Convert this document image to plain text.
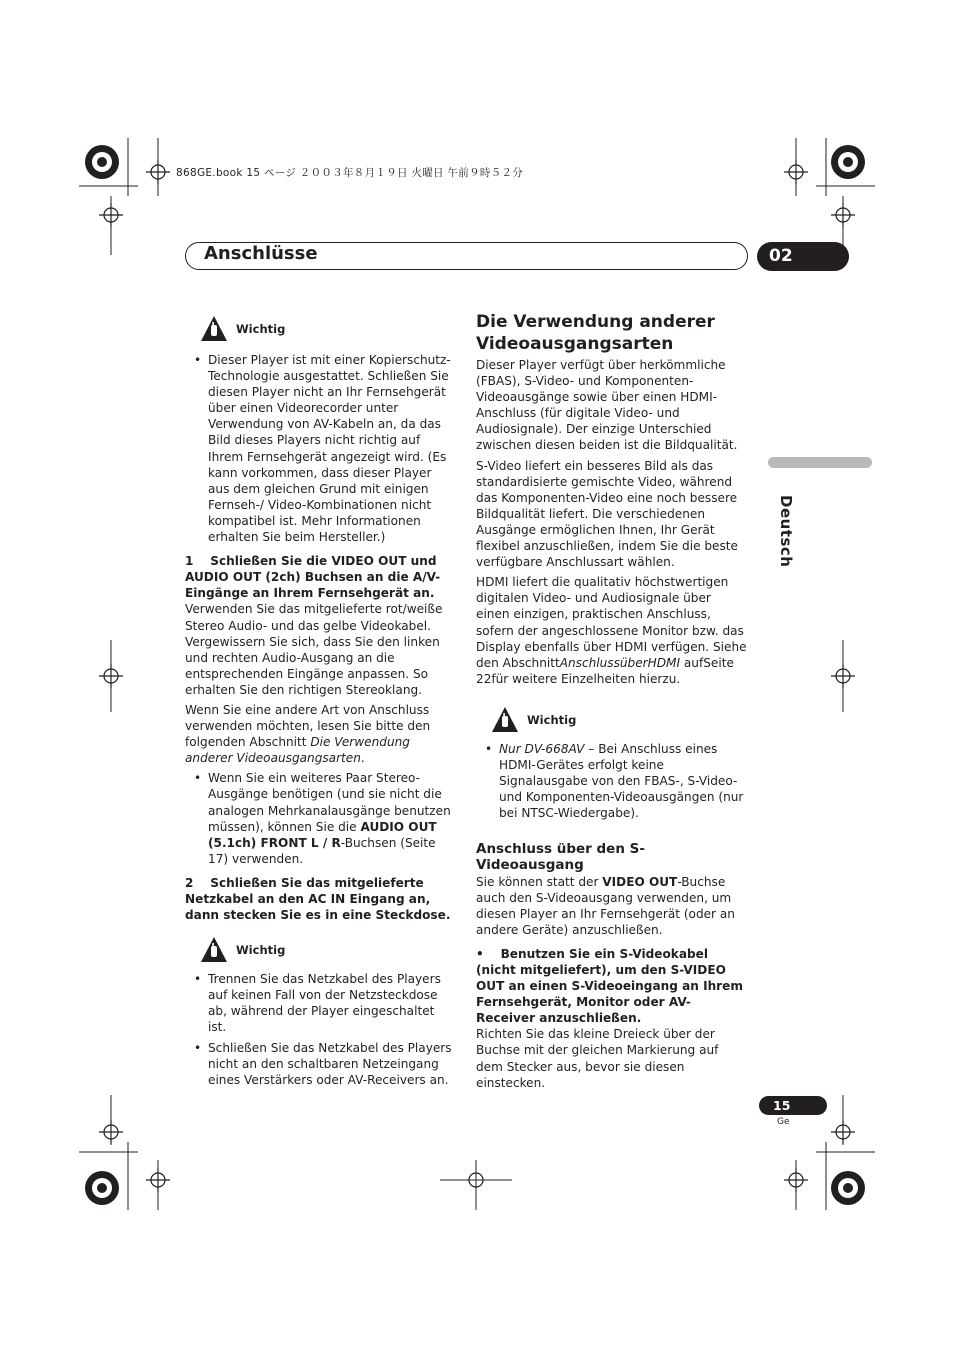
868GE.book 15 ページ ２００３年８月１９日 火曜日 午前９時５２分
Anschlüsse	02
Deutsch
Wichtig
• Dieser Player ist mit einer Kopierschutz-Technologie ausgestattet. Schließen Sie diesen Player nicht an Ihr Fernsehgerät über einen Videorecorder unter Verwendung von AV-Kabeln an, da das Bild dieses Players nicht richtig auf Ihrem Fernsehgerät angezeigt wird. (Es kann vorkommen, dass dieser Player aus dem gleichen Grund mit einigen Fernseh-/ Video-Kombinationen nicht kompatibel ist. Mehr Informationen erhalten Sie beim Hersteller.)

1 Schließen Sie die VIDEO OUT und AUDIO OUT (2ch) Buchsen an die A/V-Eingänge an Ihrem Fernsehgerät an.

Verwenden Sie das mitgelieferte rot/weiße Stereo Audio- und das gelbe Videokabel. Vergewissern Sie sich, dass Sie den linken und rechten Audio-Ausgang an die entsprechenden Eingänge anpassen. So erhalten Sie den richtigen Stereoklang.

Wenn Sie eine andere Art von Anschluss verwenden möchten, lesen Sie bitte den folgenden Abschnitt Die Verwendung anderer Videoausgangsarten.

• Wenn Sie ein weiteres Paar Stereo-Ausgänge benötigen (und sie nicht die analogen Mehrkanalausgänge benutzen müssen), können Sie die AUDIO OUT (5.1ch) FRONT L / R-Buchsen (Seite 17) verwenden.

2 Schließen Sie das mitgelieferte Netzkabel an den AC IN Eingang an, dann stecken Sie es in eine Steckdose.

Wichtig
• Trennen Sie das Netzkabel des Players auf keinen Fall von der Netzsteckdose ab, während der Player eingeschaltet ist.
• Schließen Sie das Netzkabel des Players nicht an den schaltbaren Netzeingang eines Verstärkers oder AV-Receivers an.
Die Verwendung anderer Videoausgangsarten

Dieser Player verfügt über herkömmliche (FBAS), S-Video- und Komponenten-Videoausgänge sowie über einen HDMI-Anschluss (für digitale Video- und Audiosignale). Der einzige Unterschied zwischen diesen beiden ist die Bildqualität.

S-Video liefert ein besseres Bild als das standardisierte gemischte Video, während das Komponenten-Video eine noch bessere Bildqualität liefert. Die verschiedenen Ausgänge ermöglichen Ihnen, Ihr Gerät flexibel anzuschließen, indem Sie die beste verfügbare Anschlussart wählen.

HDMI liefert die qualitativ höchstwertigen digitalen Video- und Audiosignale über einen einzigen, praktischen Anschluss, sofern der angeschlossene Monitor bzw. das Display ebenfalls über HDMI verfügen. Siehe den AbschnittAnschlussüberHDMI aufSeite 22für weitere Einzelheiten hierzu.

Wichtig
• Nur DV-668AV – Bei Anschluss eines HDMI-Gerätes erfolgt keine Signalausgabe von den FBAS-, S-Video- und Komponenten-Videoausgängen (nur bei NTSC-Wiedergabe).
Anschluss über den S-Videoausgang

Sie können statt der VIDEO OUT-Buchse auch den S-Videoausgang verwenden, um diesen Player an Ihr Fernsehgerät (oder an andere Geräte) anzuschließen.

• Benutzen Sie ein S-Videokabel (nicht mitgeliefert), um den S-VIDEO OUT an einen S-Videoeingang an Ihrem Fernsehgerät, Monitor oder AV-Receiver anzuschließen.

Richten Sie das kleine Dreieck über der Buchse mit der gleichen Markierung auf dem Stecker aus, bevor sie diesen einstecken.

15
Ge
